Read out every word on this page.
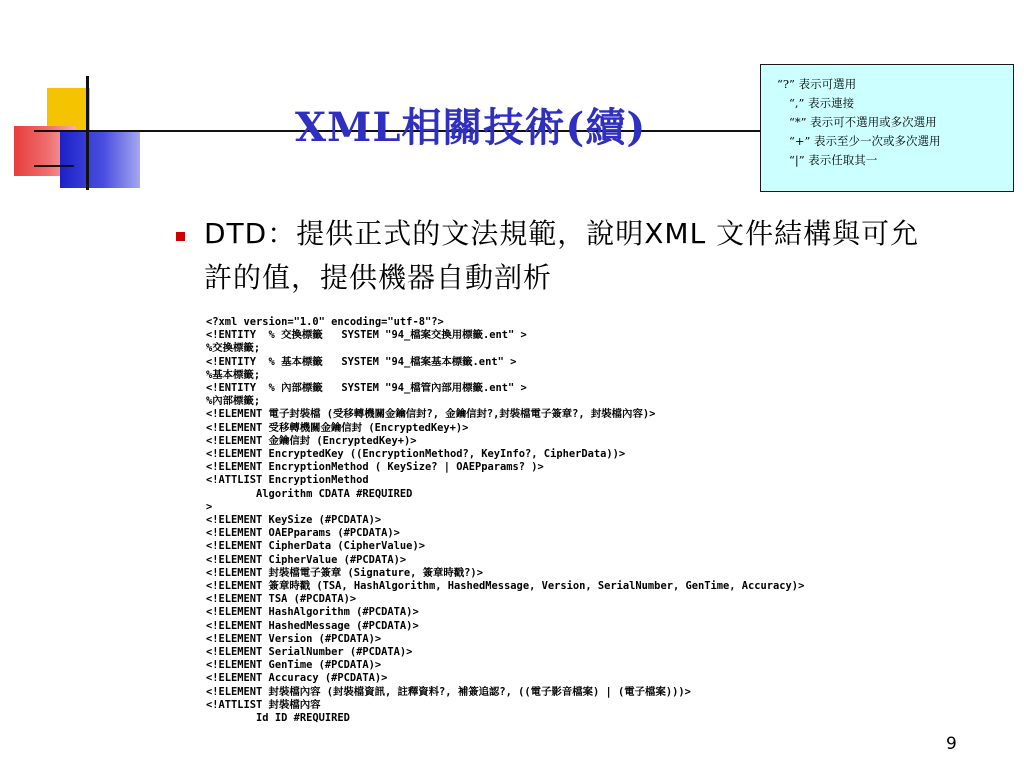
XML相關技術(續)
“?” 表示可選用
“,” 表示連接
“*” 表示可不選用或多次選用
“+” 表示至少一次或多次選用
“|” 表示任取其一
DTD：提供正式的文法規範，說明XML 文件結構與可允許的值，提供機器自動剖析
<?xml version="1.0" encoding="utf-8"?>
<!ENTITY  % 交換標籤   SYSTEM "94_檔案交換用標籤.ent" >
%交換標籤;
<!ENTITY  % 基本標籤   SYSTEM "94_檔案基本標籤.ent" >
%基本標籤;
<!ENTITY  % 內部標籤   SYSTEM "94_檔管內部用標籤.ent" >
%內部標籤;
<!ELEMENT 電子封裝檔 (受移轉機關金鑰信封?, 金鑰信封?,封裝檔電子簽章?, 封裝檔內容)>
<!ELEMENT 受移轉機關金鑰信封 (EncryptedKey+)>
<!ELEMENT 金鑰信封 (EncryptedKey+)>
<!ELEMENT EncryptedKey ((EncryptionMethod?, KeyInfo?, CipherData))>
<!ELEMENT EncryptionMethod ( KeySize? | OAEPparams? )>
<!ATTLIST EncryptionMethod
Algorithm CDATA #REQUIRED
>
<!ELEMENT KeySize (#PCDATA)>
<!ELEMENT OAEPparams (#PCDATA)>
<!ELEMENT CipherData (CipherValue)>
<!ELEMENT CipherValue (#PCDATA)>
<!ELEMENT 封裝檔電子簽章 (Signature, 簽章時戳?)>
<!ELEMENT 簽章時戳 (TSA, HashAlgorithm, HashedMessage, Version, SerialNumber, GenTime, Accuracy)>
<!ELEMENT TSA (#PCDATA)>
<!ELEMENT HashAlgorithm (#PCDATA)>
<!ELEMENT HashedMessage (#PCDATA)>
<!ELEMENT Version (#PCDATA)>
<!ELEMENT SerialNumber (#PCDATA)>
<!ELEMENT GenTime (#PCDATA)>
<!ELEMENT Accuracy (#PCDATA)>
<!ELEMENT 封裝檔內容 (封裝檔資訊, 註釋資料?, 補簽追認?, ((電子影音檔案) | (電子檔案)))>
<!ATTLIST 封裝檔內容
Id ID #REQUIRED
9
